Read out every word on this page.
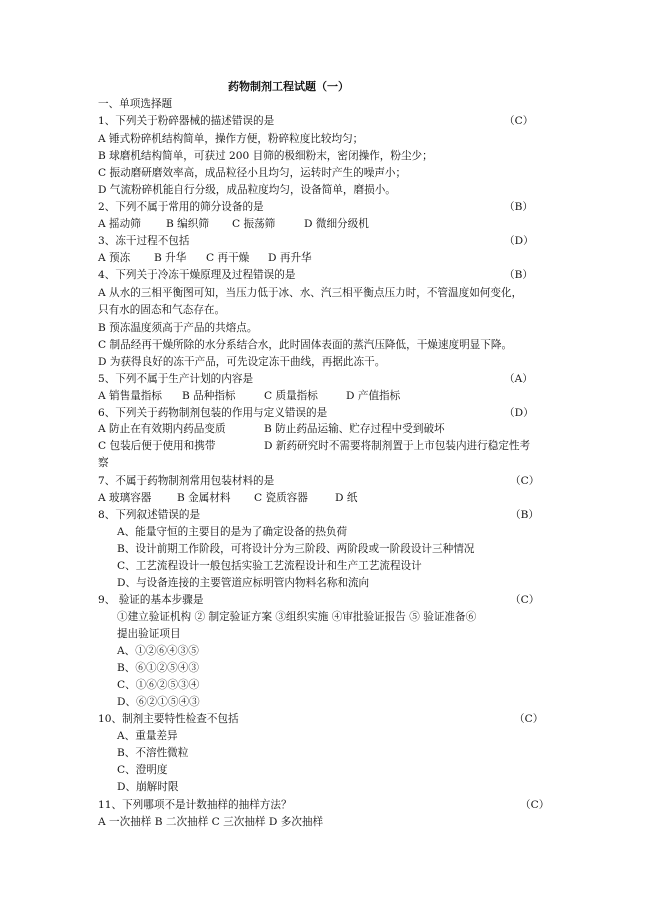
药物制剂工程试题（一）
一、单项选择题
1、下列关于粉碎器械的描述错误的是	（C）
A 锤式粉碎机结构简单，操作方便，粉碎粒度比较均匀；
B 球磨机结构简单，可获过 200 目筛的极细粉末，密闭操作，粉尘少；
C 振动磨研磨效率高，成品粒径小且均匀，运转时产生的噪声小；
D 气流粉碎机能自行分级，成品粒度均匀，设备简单，磨损小。
2、下列不属于常用的筛分设备的是	（B）
A 摇动筛 B 编织筛 C 振荡筛	D 微细分级机
3、冻干过程不包括	（D）
A 预冻 B 升华 C 再干燥 D 再升华
4、下列关于冷冻干燥原理及过程错误的是	（B）
A 从水的三相平衡图可知，当压力低于冰、水、汽三相平衡点压力时，不管温度如何变化，
只有水的固态和气态存在。
B 预冻温度须高于产品的共熔点。
C 制品经再干燥所除的水分系结合水，此时固体表面的蒸汽压降低，干燥速度明显下降。
D 为获得良好的冻干产品，可先设定冻干曲线，再据此冻干。
5、下列不属于生产计划的内容是	（A）
A 销售量指标 B 品种指标	C 质量指标	D 产值指标
6、下列关于药物制剂包装的作用与定义错误的是	（D）
A 防止在有效期内药品变质	B 防止药品运输、贮存过程中受到破坏
C 包装后便于使用和携带	D 新药研究时不需要将制剂置于上市包装内进行稳定性考
察
7、不属于药物制剂常用包装材料的是	（C）
A 玻璃容器 B 金属材料 C 瓷质容器	D 纸
8、下列叙述错误的是	（B）
A、能量守恒的主要目的是为了确定设备的热负荷
B、设计前期工作阶段，可将设计分为三阶段、两阶段或一阶段设计三种情况
C、工艺流程设计一般包括实验工艺流程设计和生产工艺流程设计
D、与设备连接的主要管道应标明管内物料名称和流向
9、 验证的基本步骤是	（C）
①建立验证机构 ② 制定验证方案 ③组织实施 ④审批验证报告 ⑤ 验证准备⑥
提出验证项目
A、①②⑥④③⑤
B、⑥①②⑤④③
C、①⑥②⑤③④
D、⑥②①⑤④③
10、制剂主要特性检查不包括	（C）
A、重量差异
B、不溶性微粒
C、澄明度
D、崩解时限
11、下列哪项不是计数抽样的抽样方法？	（C）
A 一次抽样 B 二次抽样 C 三次抽样 D 多次抽样
